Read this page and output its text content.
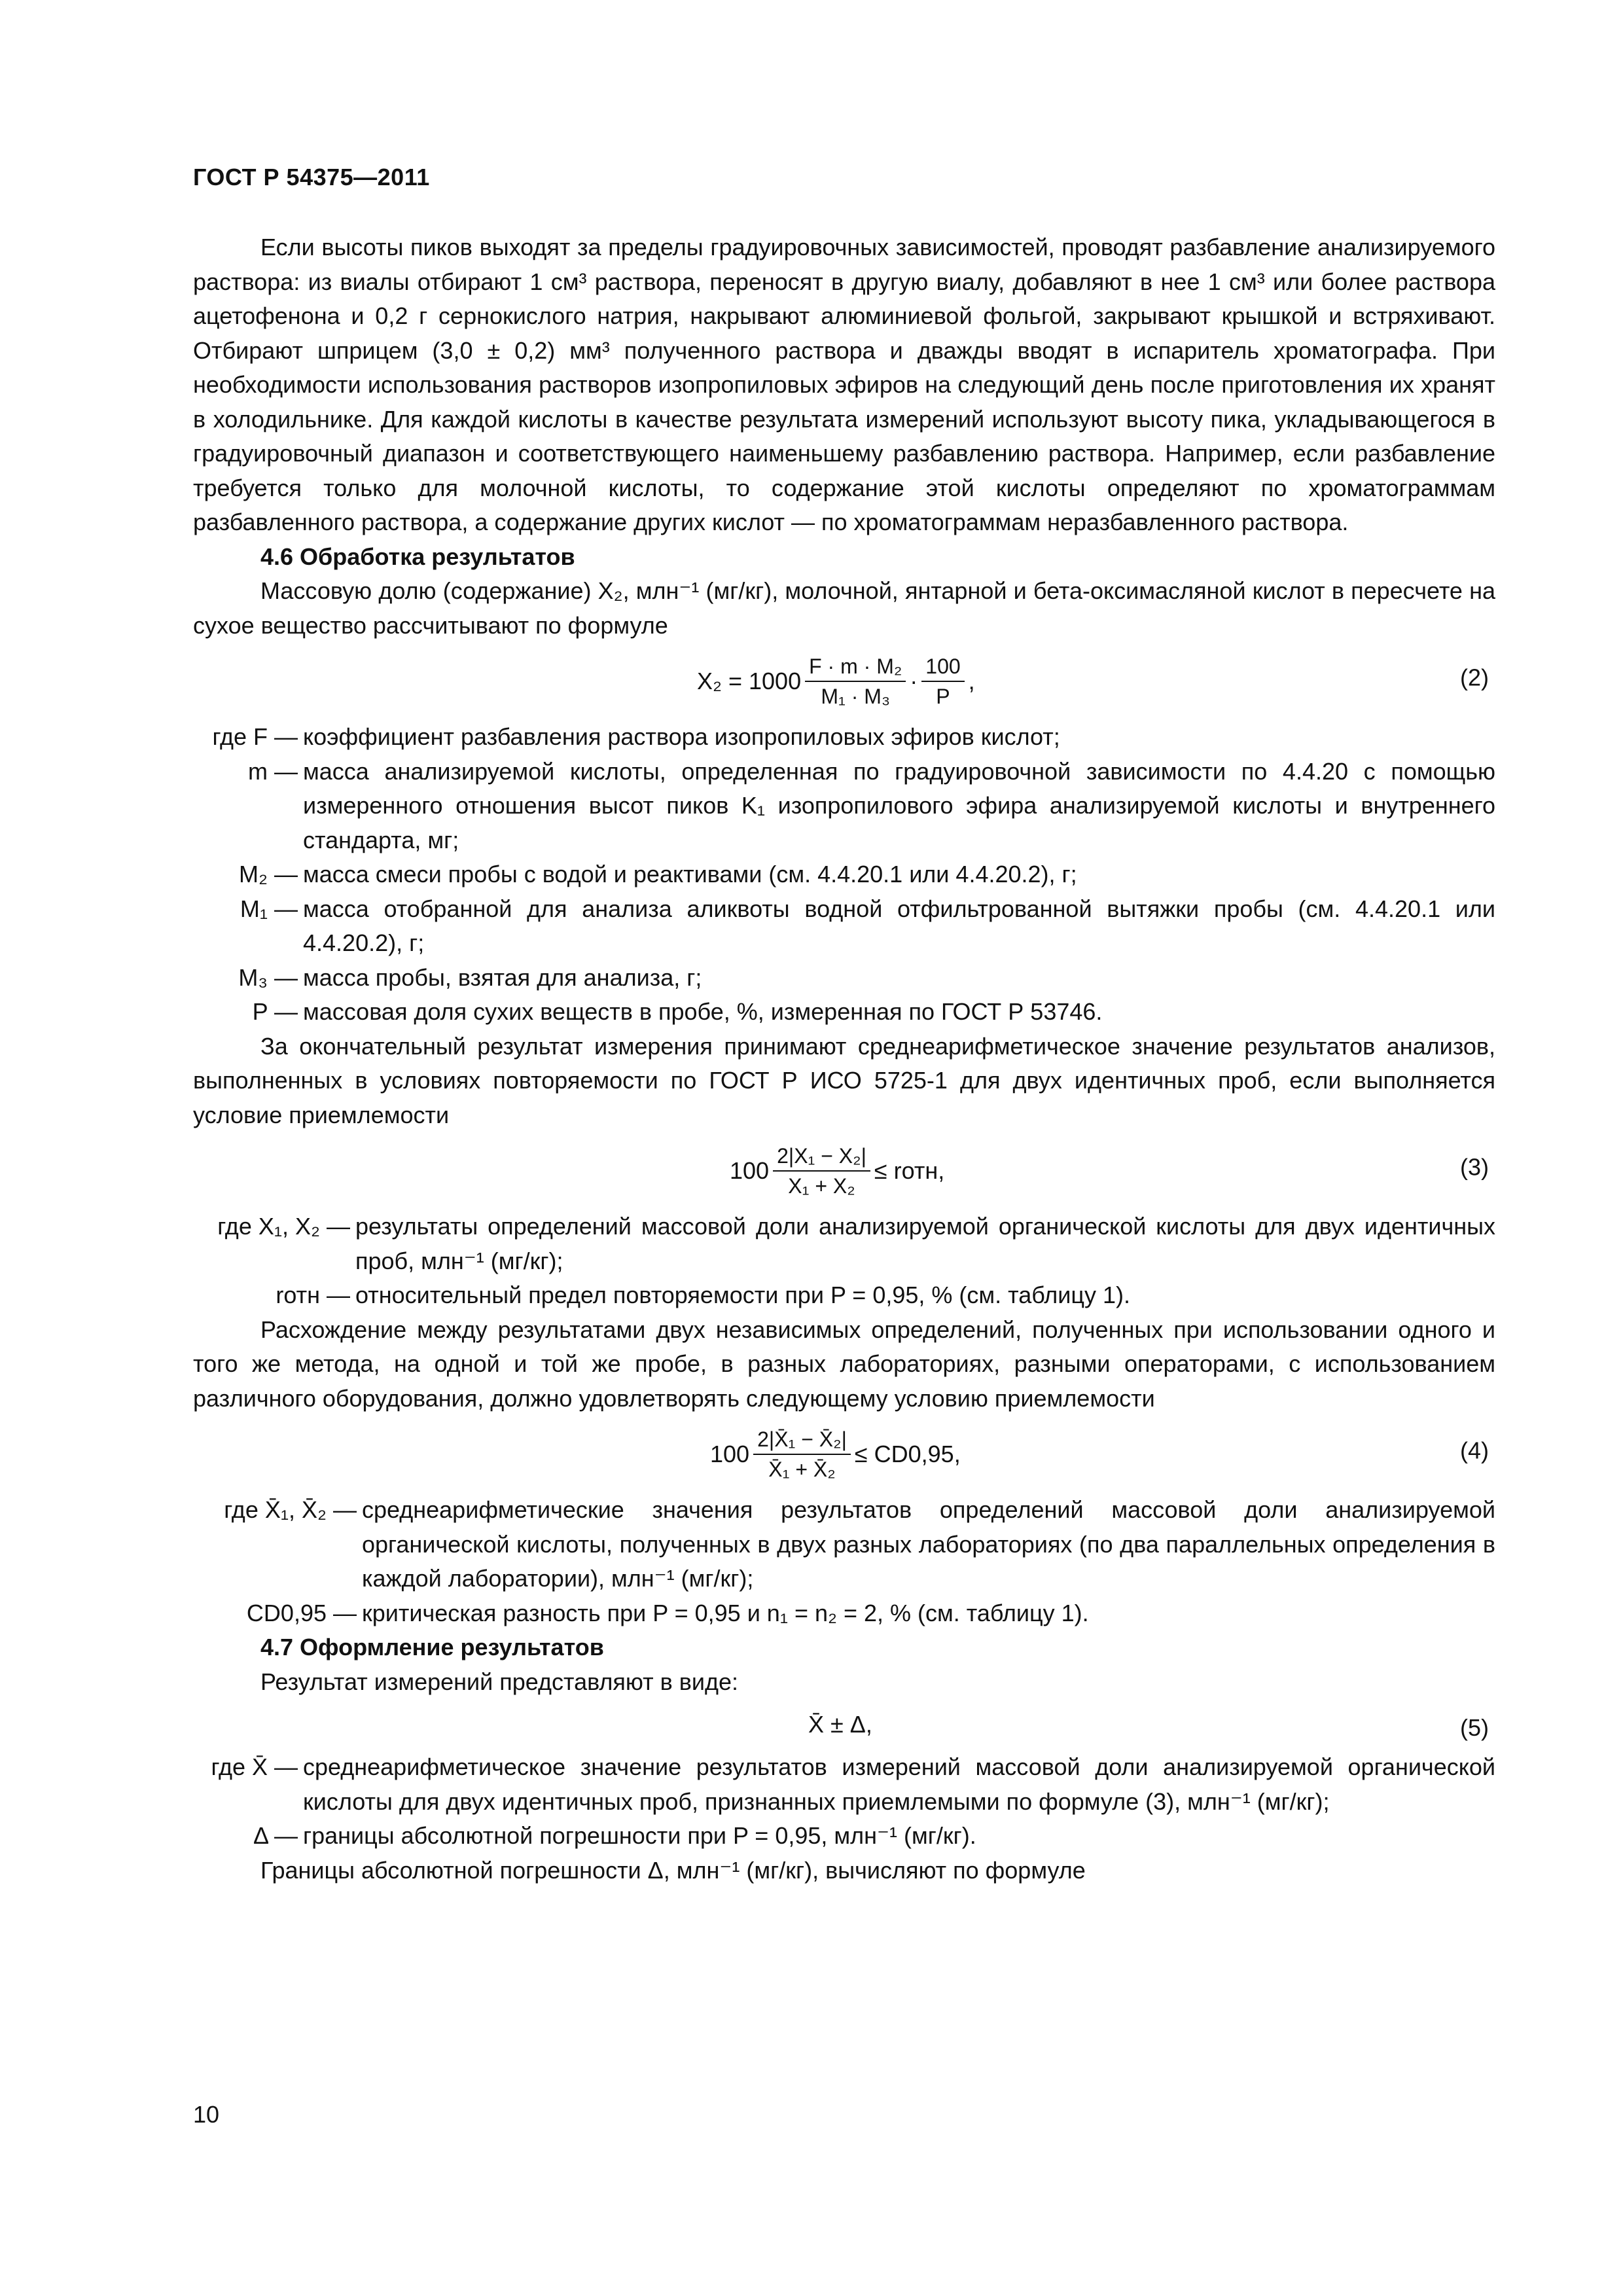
ГОСТ Р 54375—2011

Если высоты пиков выходят за пределы градуировочных зависимостей, проводят разбавление анализируемого раствора: из виалы отбирают 1 см³ раствора, переносят в другую виалу, добавляют в нее 1 см³ или более раствора ацетофенона и 0,2 г сернокислого натрия, накрывают алюминиевой фольгой, закрывают крышкой и встряхивают. Отбирают шприцем (3,0 ± 0,2) мм³ полученного раствора и дважды вводят в испаритель хроматографа. При необходимости использования растворов изопропиловых эфиров на следующий день после приготовления их хранят в холодильнике. Для каждой кислоты в качестве результата измерений используют высоту пика, укладывающегося в градуировочный диапазон и соответствующего наименьшему разбавлению раствора. Например, если разбавление требуется только для молочной кислоты, то содержание этой кислоты определяют по хроматограммам разбавленного раствора, а содержание других кислот — по хроматограммам неразбавленного раствора.

4.6 Обработка результатов

Массовую долю (содержание) X₂, млн⁻¹ (мг/кг), молочной, янтарной и бета-оксимасляной кислот в пересчете на сухое вещество рассчитывают по формуле

$X_2 = 1000 \frac{\text{F · m · M₂}}{\text{M₁ · M₃}} \cdot \frac{100}{P}$ ,	(2)
где F — коэффициент разбавления раствора изопропиловых эфиров кислот;
m — масса анализируемой кислоты, определенная по градуировочной зависимости по 4.4.20 с помощью измеренного отношения высот пиков K₁ изопропилового эфира анализируемой кислоты и внутреннего стандарта, мг;
M₂ — масса смеси пробы с водой и реактивами (см. 4.4.20.1 или 4.4.20.2), г;
M₁ — масса отобранной для анализа аликвоты водной отфильтрованной вытяжки пробы (см. 4.4.20.1 или 4.4.20.2), г;
M₃ — масса пробы, взятая для анализа, г;
P — массовая доля сухих веществ в пробе, %, измеренная по ГОСТ Р 53746.

За окончательный результат измерения принимают среднеарифметическое значение результатов анализов, выполненных в условиях повторяемости по ГОСТ Р ИСО 5725-1 для двух идентичных проб, если выполняется условие приемлемости

$100 \frac{\text{2|X₁ − X₂|}}{\text{X₁ + X₂}}$ ≤ rотн,	(3)
где X₁, X₂ — результаты определений массовой доли анализируемой органической кислоты для двух идентичных проб, млн⁻¹ (мг/кг);
rотн — относительный предел повторяемости при P = 0,95, % (см. таблицу 1).

Расхождение между результатами двух независимых определений, полученных при использовании одного и того же метода, на одной и той же пробе, в разных лабораториях, разными операторами, с использованием различного оборудования, должно удовлетворять следующему условию приемлемости

$100 \frac{\text{2|X̄₁ − X̄₂|}}{\text{X̄₁ + X̄₂}} \le CD0,95$,	(4)
где X̄₁, X̄₂ — среднеарифметические значения результатов определений массовой доли анализируемой органической кислоты, полученных в двух разных лабораториях (по два параллельных определения в каждой лаборатории), млн⁻¹ (мг/кг);
CD0,95 — критическая разность при P = 0,95 и n₁ = n₂ = 2, % (см. таблицу 1).

4.7 Оформление результатов

Результат измерений представляют в виде:

X̄ ± Δ,	(5)
где X̄ — среднеарифметическое значение результатов измерений массовой доли анализируемой органической кислоты для двух идентичных проб, признанных приемлемыми по формуле (3), млн⁻¹ (мг/кг);
Δ — границы абсолютной погрешности при P = 0,95, млн⁻¹ (мг/кг).

Границы абсолютной погрешности Δ, млн⁻¹ (мг/кг), вычисляют по формуле

10
